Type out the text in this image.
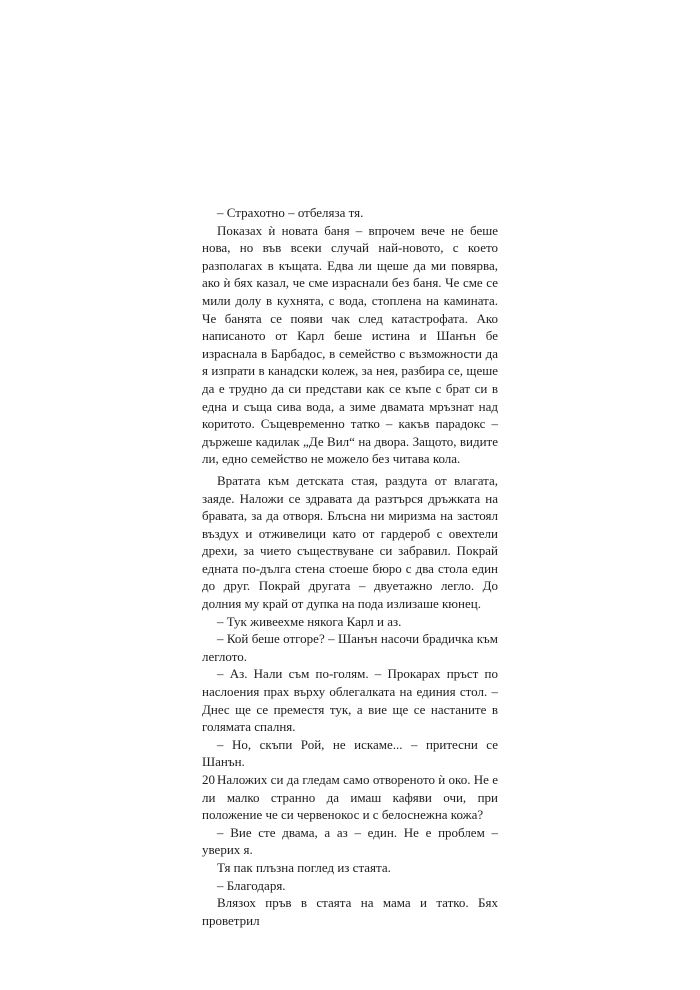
– Страхотно – отбеляза тя.

Показах ѝ новата баня – впрочем вече не беше нова, но във всеки случай най-новото, с което разполагах в къщата. Едва ли щеше да ми повярва, ако ѝ бях казал, че сме израснали без баня. Че сме се мили долу в кухнята, с вода, стоплена на камината. Че банята се появи чак след катастрофата. Ако написаното от Карл беше истина и Шанън бе израснала в Барбадос, в семейство с възможности да я изпрати в канадски колеж, за нея, разбира се, щеше да е трудно да си представи как се къпе с брат си в една и съща сива вода, а зиме двамата мръзнат над коритото. Същевременно татко – какъв парадокс – държеше кадилак „Де Вил“ на двора. Защото, видите ли, едно семейство не можело без читава кола.

Вратата към детската стая, раздута от влагата, заяде. Наложи се здравата да разтърся дръжката на бравата, за да отворя. Блъсна ни миризма на застоял въздух и отживелици като от гардероб с овехтели дрехи, за чието съществуване си забравил. Покрай едната по-дълга стена стоеше бюро с два стола един до друг. Покрай другата – двуетажно легло. До долния му край от дупка на пода излизаше кюнец.

– Тук живеехме някога Карл и аз.

– Кой беше отгоре? – Шанън насочи брадичка към леглото.

– Аз. Нали съм по-голям. – Прокарах пръст по наслоения прах върху облегалката на единия стол. – Днес ще се преместя тук, а вие ще се настаните в голямата спалня.

– Но, скъпи Рой, не искаме... – притесни се Шанън.

Наложих си да гледам само отвореното ѝ око. Не е ли малко странно да имаш кафяви очи, при положение че си червенокос и с белоснежна кожа?

– Вие сте двама, а аз – един. Не е проблем – уверих я.

Тя пак плъзна поглед из стаята.

– Благодаря.

Влязох пръв в стаята на мама и татко. Бях проветрил

20
